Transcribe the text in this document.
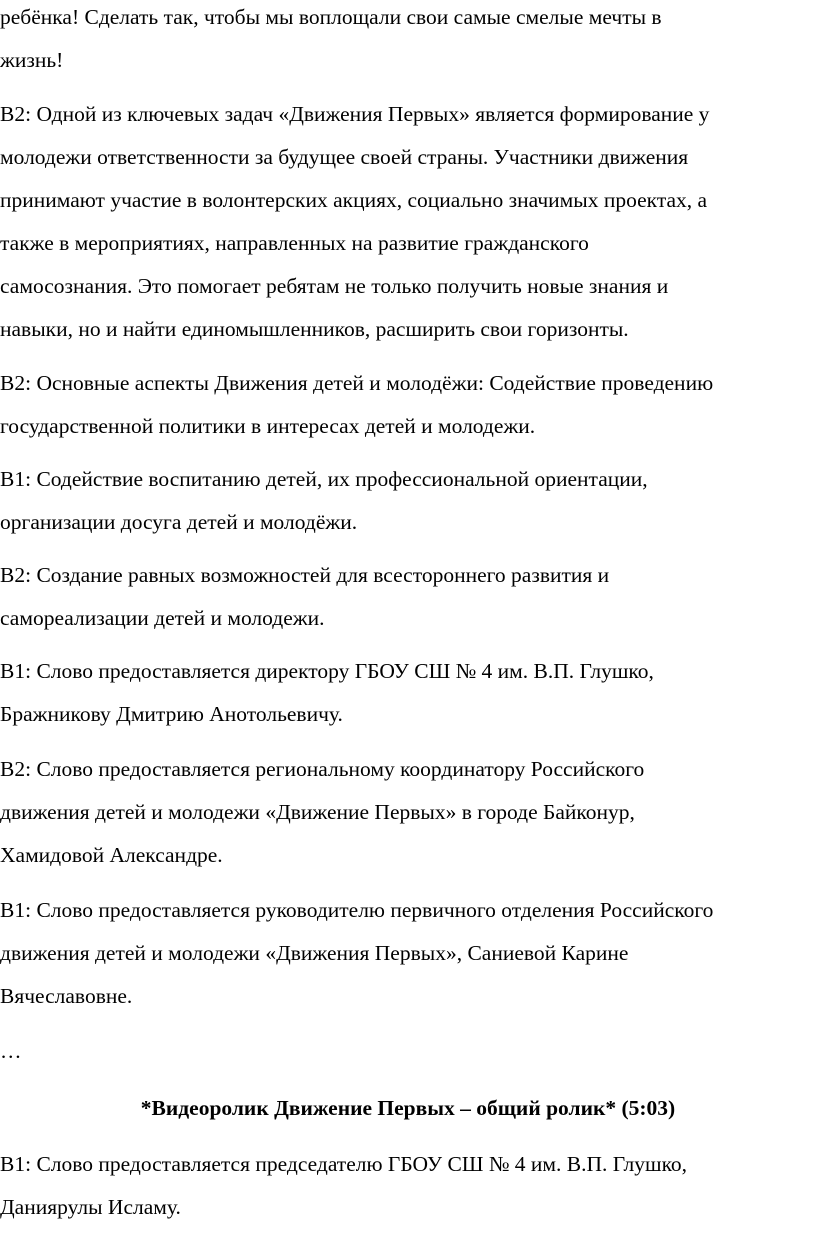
ребёнка! Сделать так, чтобы мы воплощали свои самые смелые мечты в
жизнь!

В2: Одной из ключевых задач «Движения Первых» является формирование у
молодежи ответственности за будущее своей страны. Участники движения
принимают участие в волонтерских акциях, социально значимых проектах, а
также в мероприятиях, направленных на развитие гражданского
самосознания. Это помогает ребятам не только получить новые знания и
навыки, но и найти единомышленников, расширить свои горизонты.

В2: Основные аспекты Движения детей и молодёжи: Содействие проведению
государственной политики в интересах детей и молодежи.

В1: Содействие воспитанию детей, их профессиональной ориентации,
организации досуга детей и молодёжи.

В2: Создание равных возможностей для всестороннего развития и
самореализации детей и молодежи.

В1: Слово предоставляется директору ГБОУ СШ № 4 им. В.П. Глушко,
Бражникову Дмитрию Анотольевичу.

В2: Слово предоставляется региональному координатору Российского
движения детей и молодежи «Движение Первых» в городе Байконур,
Хамидовой Александре.

В1: Слово предоставляется руководителю первичного отделения Российского
движения детей и молодежи «Движения Первых», Саниевой Карине
Вячеславовне.

…

*Видеоролик Движение Первых – общий ролик* (5:03)

В1: Слово предоставляется председателю ГБОУ СШ № 4 им. В.П. Глушко,
Даниярулы Исламу.
